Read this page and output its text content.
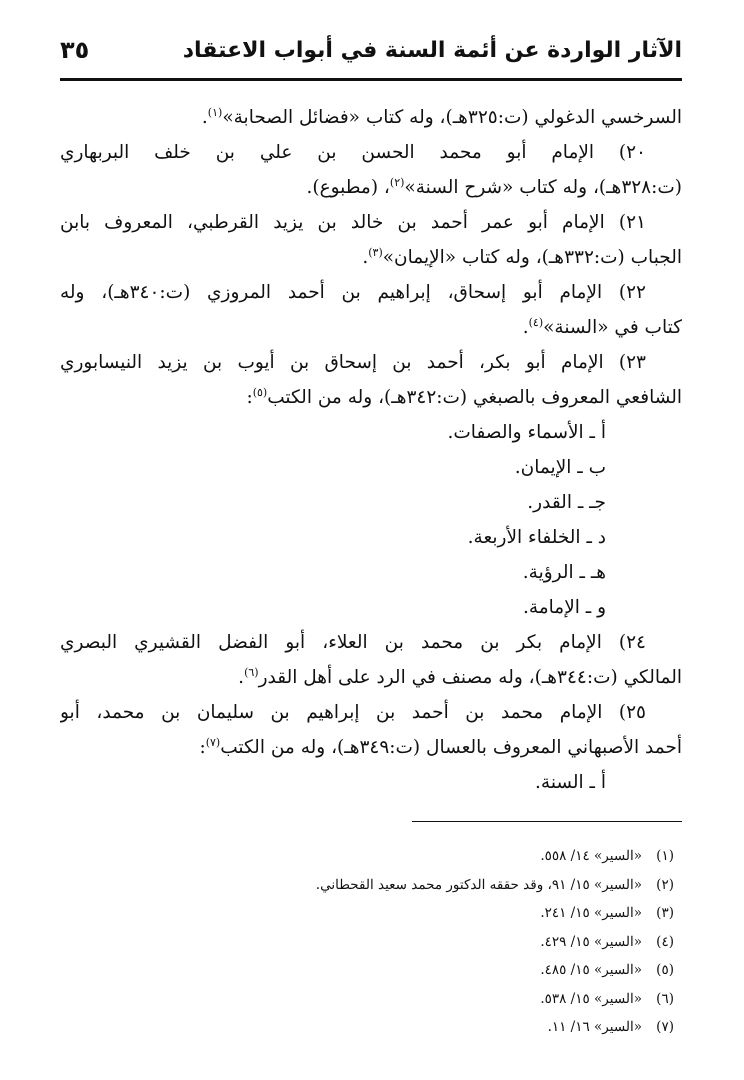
الآثار الواردة عن أئمة السنة في أبواب الاعتقاد
٣٥
السرخسي الدغولي (ت:٣٢٥هـ)، وله كتاب «فضائل الصحابة»$^{(١)}$.
٢٠) الإمام أبو محمد الحسن بن علي بن خلف البربهاري
(ت:٣٢٨هـ)، وله كتاب «شرح السنة»$^{(٢)}$، (مطبوع).
٢١) الإمام أبو عمر أحمد بن خالد بن يزيد القرطبي، المعروف بابن
الجباب (ت:٣٣٢هـ)، وله كتاب «الإيمان»$^{(٣)}$.
٢٢) الإمام أبو إسحاق، إبراهيم بن أحمد المروزي (ت:٣٤٠هـ)، وله
كتاب في «السنة»$^{(٤)}$.
٢٣) الإمام أبو بكر، أحمد بن إسحاق بن أيوب بن يزيد النيسابوري
الشافعي المعروف بالصبغي (ت:٣٤٢هـ)، وله من الكتب$^{(٥)}$:
أ ـ الأسماء والصفات.
ب ـ الإيمان.
جـ ـ القدر.
د ـ الخلفاء الأربعة.
هـ ـ الرؤية.
و ـ الإمامة.
٢٤) الإمام بكر بن محمد بن العلاء، أبو الفضل القشيري البصري
المالكي (ت:٣٤٤هـ)، وله مصنف في الرد على أهل القدر$^{(٦)}$.
٢٥) الإمام محمد بن أحمد بن إبراهيم بن سليمان بن محمد، أبو
أحمد الأصبهاني المعروف بالعسال (ت:٣٤٩هـ)، وله من الكتب$^{(٧)}$:
أ ـ السنة.
(١)«السير» ١٤/ ٥٥٨.
(٢)«السير» ١٥/ ٩١، وقد حققه الدكتور محمد سعيد القحطاني.
(٣)«السير» ١٥/ ٢٤١.
(٤)«السير» ١٥/ ٤٢٩.
(٥)«السير» ١٥/ ٤٨٥.
(٦)«السير» ١٥/ ٥٣٨.
(٧)«السير» ١٦/ ١١.
